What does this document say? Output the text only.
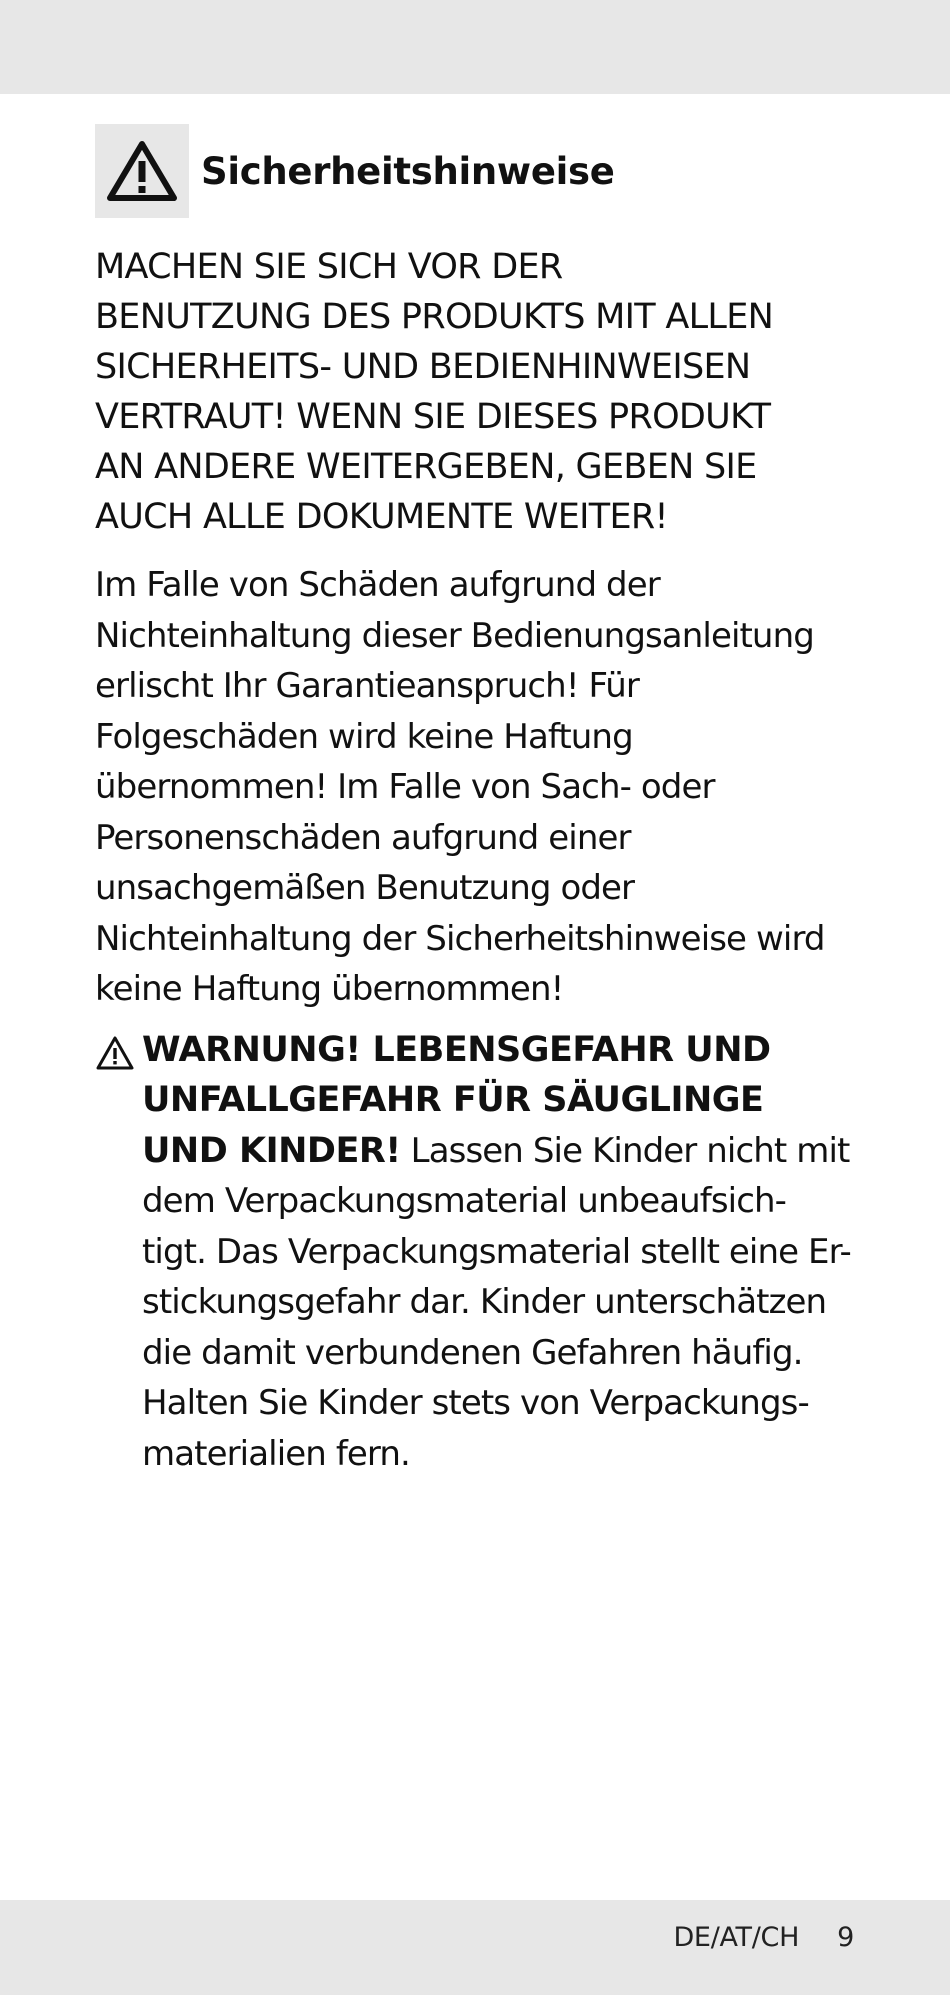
Sicherheitshinweise

MACHEN SIE SICH VOR DER
BENUTZUNG DES PRODUKTS MIT ALLEN
SICHERHEITS- UND BEDIENHINWEISEN
VERTRAUT! WENN SIE DIESES PRODUKT
AN ANDERE WEITERGEBEN, GEBEN SIE
AUCH ALLE DOKUMENTE WEITER!

Im Falle von Schäden aufgrund der
Nichteinhaltung dieser Bedienungsanleitung
erlischt Ihr Garantieanspruch! Für
Folgeschäden wird keine Haftung
übernommen! Im Falle von Sach- oder
Personenschäden aufgrund einer
unsachgemäßen Benutzung oder
Nichteinhaltung der Sicherheitshinweise wird
keine Haftung übernommen!

WARNUNG! LEBENSGEFAHR UND UNFALLGEFAHR FÜR SÄUGLINGE UND KINDER! Lassen Sie Kinder nicht mit dem Verpackungsmaterial unbeaufsich-
tigt. Das Verpackungsmaterial stellt eine Er-
stickungsgefahr dar. Kinder unterschätzen die damit verbundenen Gefahren häufig. Halten Sie Kinder stets von Verpackungs-
materialien fern.
DE/AT/CH 9
